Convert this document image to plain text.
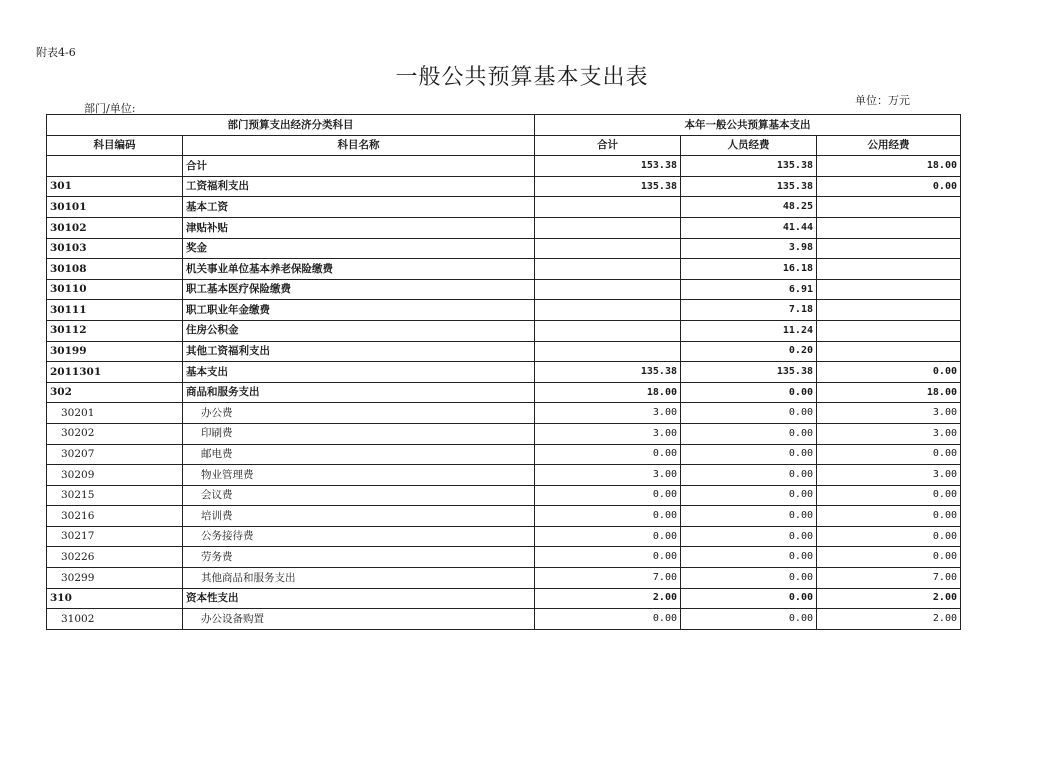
附表4-6
一般公共预算基本支出表
部门/单位:
单位：万元
部门预算支出经济分类科目		本年一般公共预算基本支出		
科目编码	科目名称	合计	人员经费	公用经费
	合计	153.38	135.38	18.00
301	工资福利支出	135.38	135.38	0.00
30101	基本工资		48.25	
30102	津贴补贴		41.44	
30103	奖金		3.98	
30108	机关事业单位基本养老保险缴费		16.18	
30110	职工基本医疗保险缴费		6.91	
30111	职工职业年金缴费		7.18	
30112	住房公积金		11.24	
30199	其他工资福利支出		0.20	
2011301	基本支出	135.38	135.38	0.00
302	商品和服务支出	18.00	0.00	18.00
30201	办公费	3.00	0.00	3.00
30202	印刷费	3.00	0.00	3.00
30207	邮电费	0.00	0.00	0.00
30209	物业管理费	3.00	0.00	3.00
30215	会议费	0.00	0.00	0.00
30216	培训费	0.00	0.00	0.00
30217	公务接待费	0.00	0.00	0.00
30226	劳务费	0.00	0.00	0.00
30299	其他商品和服务支出	7.00	0.00	7.00
310	资本性支出	2.00	0.00	2.00
31002	办公设备购置	0.00	0.00	2.00
